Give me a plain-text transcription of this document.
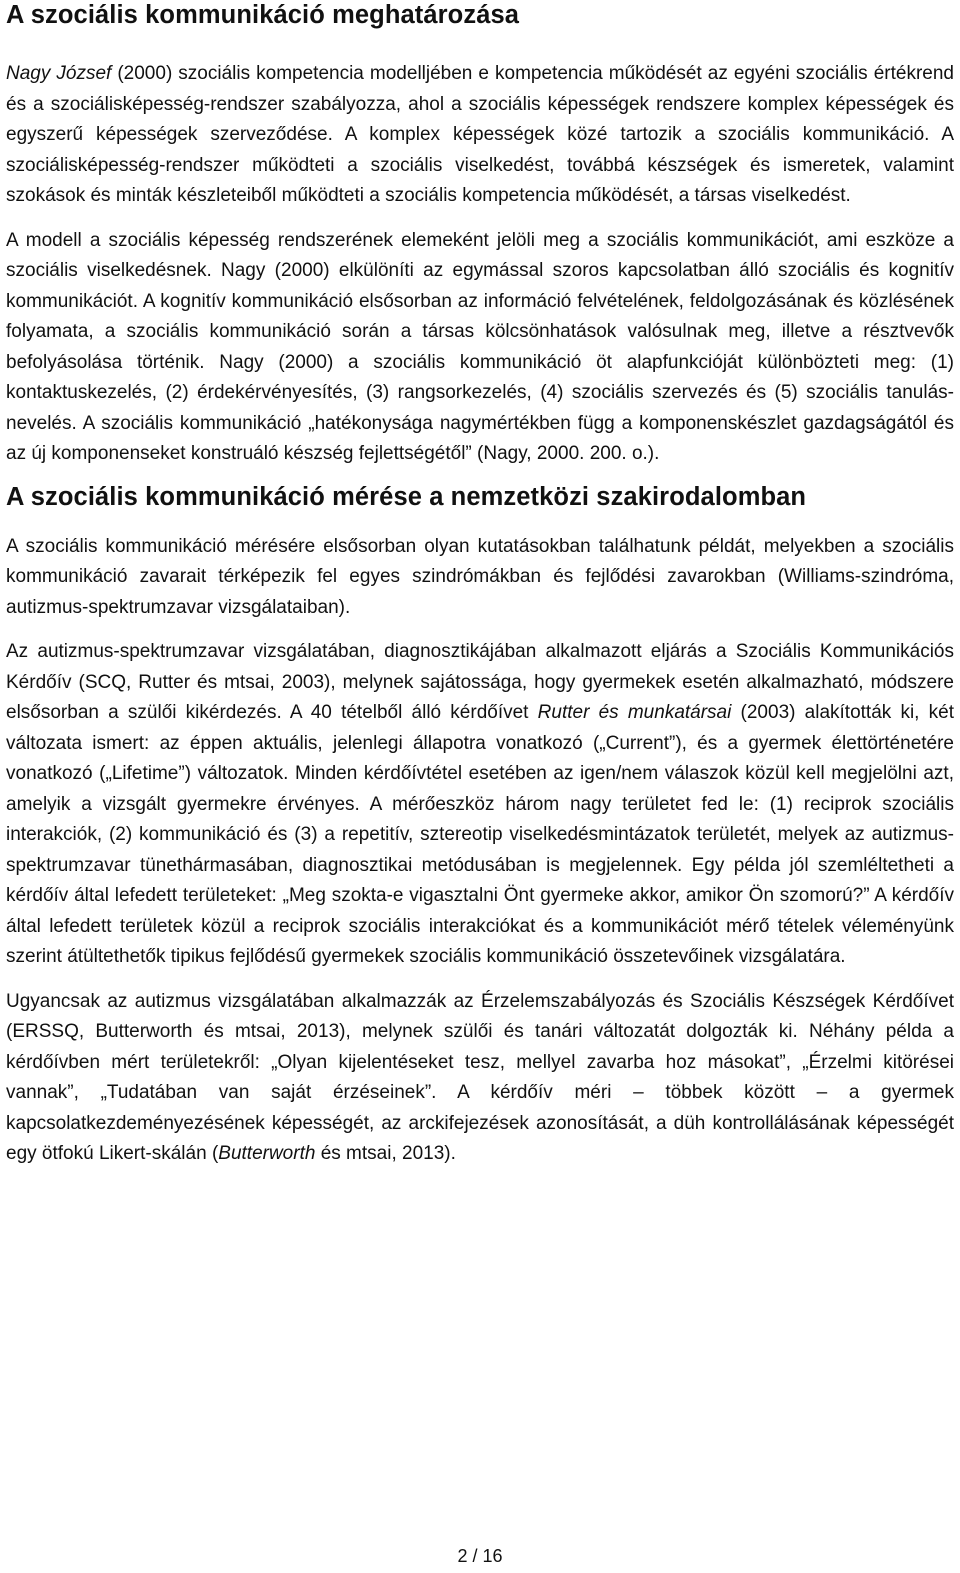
A szociális kommunikáció meghatározása

Nagy József (2000) szociális kompetencia modelljében e kompetencia működését az egyéni szociális értékrend és a szociálisképesség-rendszer szabályozza, ahol a szociális képességek rendszere komplex képességek és egyszerű képességek szerveződése. A komplex képességek közé tartozik a szociális kommunikáció. A szociálisképesség-rendszer működteti a szociális viselkedést, továbbá készségek és ismeretek, valamint szokások és minták készleteiből működteti a szociális kompetencia működését, a társas viselkedést.

A modell a szociális képesség rendszerének elemeként jelöli meg a szociális kommunikációt, ami eszköze a szociális viselkedésnek. Nagy (2000) elkülöníti az egymással szoros kapcsolatban álló szociális és kognitív kommunikációt. A kognitív kommunikáció elsősorban az információ felvételének, feldolgozásának és közlésének folyamata, a szociális kommunikáció során a társas kölcsönhatások valósulnak meg, illetve a résztvevők befolyásolása történik. Nagy (2000) a szociális kommunikáció öt alapfunkcióját különbözteti meg: (1) kontaktuskezelés, (2) érdekérvényesítés, (3) rangsorkezelés, (4) szociális szervezés és (5) szociális tanulás-nevelés. A szociális kommunikáció „hatékonysága nagymértékben függ a komponenskészlet gazdagságától és az új komponenseket konstruáló készség fejlettségétől” (Nagy, 2000. 200. o.).

A szociális kommunikáció mérése a nemzetközi szakirodalomban

A szociális kommunikáció mérésére elsősorban olyan kutatásokban találhatunk példát, melyekben a szociális kommunikáció zavarait térképezik fel egyes szindrómákban és fejlődési zavarokban (Williams-szindróma, autizmus-spektrumzavar vizsgálataiban).

Az autizmus-spektrumzavar vizsgálatában, diagnosztikájában alkalmazott eljárás a Szociális Kommunikációs Kérdőív (SCQ, Rutter és mtsai, 2003), melynek sajátossága, hogy gyermekek esetén alkalmazható, módszere elsősorban a szülői kikérdezés. A 40 tételből álló kérdőívet Rutter és munkatársai (2003) alakították ki, két változata ismert: az éppen aktuális, jelenlegi állapotra vonatkozó („Current”), és a gyermek élettörténetére vonatkozó („Lifetime”) változatok. Minden kérdőívtétel esetében az igen/nem válaszok közül kell megjelölni azt, amelyik a vizsgált gyermekre érvényes. A mérőeszköz három nagy területet fed le: (1) reciprok szociális interakciók, (2) kommunikáció és (3) a repetitív, sztereotip viselkedésmintázatok területét, melyek az autizmus-spektrumzavar tünethármasában, diagnosztikai metódusában is megjelennek. Egy példa jól szemléltetheti a kérdőív által lefedett területeket: „Meg szokta-e vigasztalni Önt gyermeke akkor, amikor Ön szomorú?” A kérdőív által lefedett területek közül a reciprok szociális interakciókat és a kommunikációt mérő tételek véleményünk szerint átültethetők tipikus fejlődésű gyermekek szociális kommunikáció összetevőinek vizsgálatára.

Ugyancsak az autizmus vizsgálatában alkalmazzák az Érzelemszabályozás és Szociális Készségek Kérdőívet (ERSSQ, Butterworth és mtsai, 2013), melynek szülői és tanári változatát dolgozták ki. Néhány példa a kérdőívben mért területekről: „Olyan kijelentéseket tesz, mellyel zavarba hoz másokat”, „Érzelmi kitörései vannak”, „Tudatában van saját érzéseinek”. A kérdőív méri – többek között – a gyermek kapcsolatkezdeményezésének képességét, az arckifejezések azonosítását, a düh kontrollálásának képességét egy ötfokú Likert-skálán (Butterworth és mtsai, 2013).

2 / 16
